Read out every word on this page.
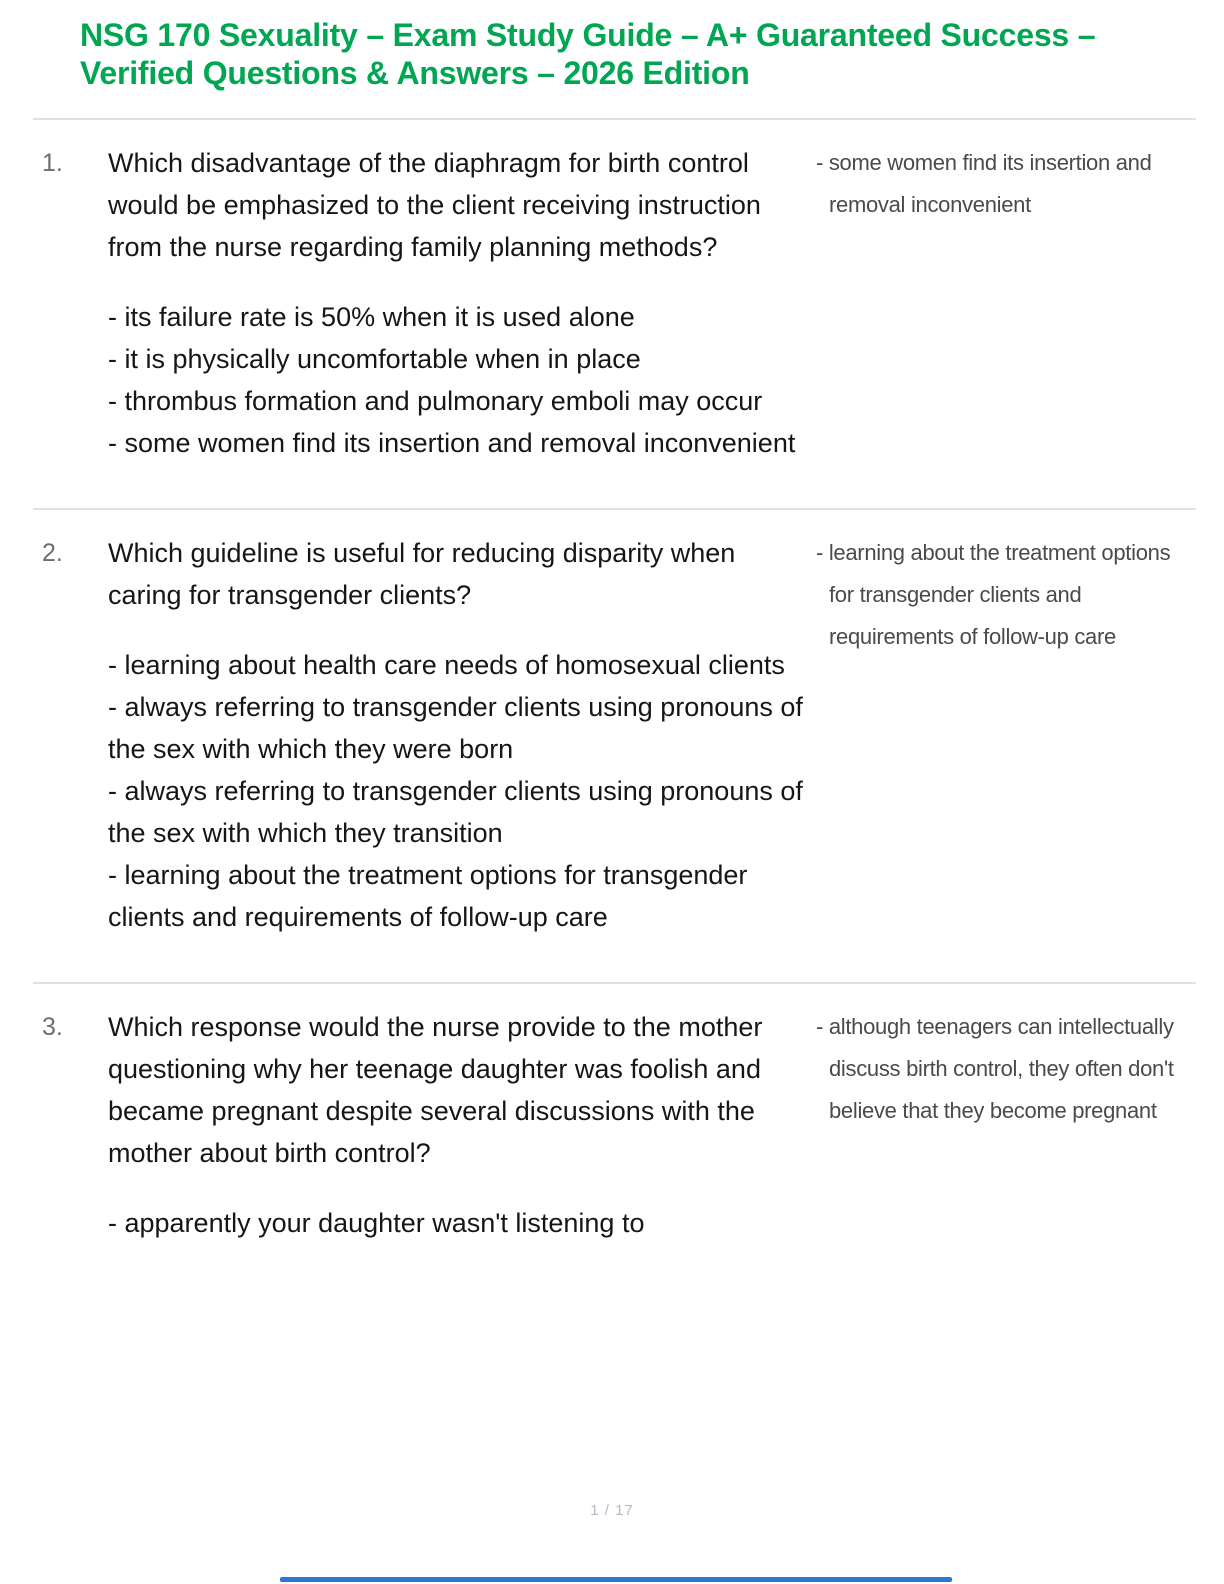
NSG 170 Sexuality – Exam Study Guide – A+ Guaranteed Success – Verified Questions & Answers – 2026 Edition
1.	Which disadvantage of the diaphragm for birth control would be emphasized to the client receiving instruction from the nurse regarding family planning methods?

- its failure rate is 50% when it is used alone

- it is physically uncomfortable when in place

- thrombus formation and pulmonary emboli may occur

- some women find its insertion and removal inconvenient

- some women find its insertion and removal inconvenient

2.	Which guideline is useful for reducing disparity when caring for transgender clients?

- learning about health care needs of homosexual clients

- always referring to transgender clients using pronouns of the sex with which they were born

- always referring to transgender clients using pronouns of the sex with which they transition

- learning about the treatment options for transgender clients and requirements of follow-up care

- learning about the treatment options for transgender clients and requirements of follow-up care

3.	Which response would the nurse provide to the mother questioning why her teenage daughter was foolish and became pregnant despite several discussions with the mother about birth control?

- apparently your daughter wasn't listening to

- although teenagers can intellectually discuss birth control, they often don't believe that they become pregnant

1 / 17
